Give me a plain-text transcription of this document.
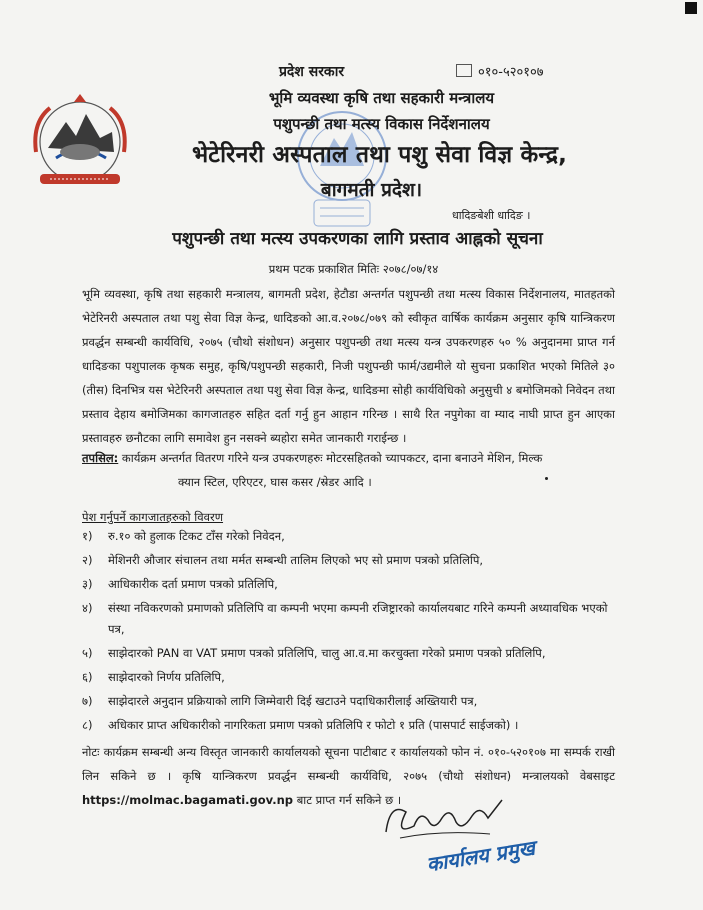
प्रदेश सरकार	०१०-५२०१०७
भूमि व्यवस्था कृषि तथा सहकारी मन्त्रालय
पशुपन्छी तथा मत्स्य विकास निर्देशनालय
भेटेरिनरी अस्पताल तथा पशु सेवा विज्ञ केन्द्र,
बागमती प्रदेश।
धादिङबेशी धादिङ ।
पशुपन्छी तथा मत्स्य उपकरणका लागि प्रस्ताव आह्नको सूचना
प्रथम पटक प्रकाशित मितिः २०७८/०७/१४

भूमि व्यवस्था, कृषि तथा सहकारी मन्त्रालय, बागमती प्रदेश, हेटौडा अन्तर्गत पशुपन्छी तथा मत्स्य विकास निर्देशनालय, मातहतको भेटेरिनरी अस्पताल तथा पशु सेवा विज्ञ केन्द्र, धादिङको आ.व.२०७८/०७९ को स्वीकृत वार्षिक कार्यक्रम अनुसार कृषि यान्त्रिकरण प्रवर्द्धन सम्बन्धी कार्यविधि, २०७५ (चौथो संशोधन) अनुसार पशुपन्छी तथा मत्स्य यन्त्र उपकरणहरु ५० % अनुदानमा प्राप्त गर्न धादिङका पशुपालक कृषक समुह, कृषि/पशुपन्छी सहकारी, निजी पशुपन्छी फार्म/उद्यमीले यो सुचना प्रकाशित भएको मितिले ३० (तीस) दिनभित्र यस भेटेरिनरी अस्पताल तथा पशु सेवा विज्ञ केन्द्र, धादिङमा सोही कार्यविधिको अनुसुची ४ बमोजिमको निवेदन तथा प्रस्ताव देहाय बमोजिमका कागजातहरु सहित दर्ता गर्नु हुन आहान गरिन्छ । साथै रित नपुगेका वा म्याद नाघी प्राप्त हुन आएका प्रस्तावहरु छनौटका लागि समावेश हुन नसक्ने ब्यहोरा समेत जानकारी गराईन्छ ।

तपसिल: कार्यक्रम अन्तर्गत वितरण गरिने यन्त्र उपकरणहरुः मोटरसहितको च्यापकटर, दाना बनाउने मेशिन, मिल्क
क्यान स्टिल, एरिएटर, घास कसर /स्रेडर आदि ।
पेश गर्नुपर्ने कागजातहरुको विवरण
१) रु.१० को हुलाक टिकट टाँस गरेको निवेदन,
२) मेशिनरी औजार संचालन तथा मर्मत सम्बन्धी तालिम लिएको भए सो प्रमाण पत्रको प्रतिलिपि,
३) आधिकारीक दर्ता प्रमाण पत्रको प्रतिलिपि,
४) संस्था नविकरणको प्रमाणको प्रतिलिपि वा कम्पनी भएमा कम्पनी रजिष्ट्रारको कार्यालयबाट गरिने कम्पनी अध्यावधिक भएको पत्र,
५) साझेदारको PAN वा VAT प्रमाण पत्रको प्रतिलिपि, चालु आ.व.मा करचुक्ता गरेको प्रमाण पत्रको प्रतिलिपि,
६) साझेदारको निर्णय प्रतिलिपि,
७) साझेदारले अनुदान प्रक्रियाको लागि जिम्मेवारी दिई खटाउने पदाधिकारीलाई अख्तियारी पत्र,
८) अधिकार प्राप्त अधिकारीको नागरिकता प्रमाण पत्रको प्रतिलिपि र फोटो १ प्रति (पासपार्ट साईजको) ।

नोटः कार्यक्रम सम्बन्धी अन्य विस्तृत जानकारी कार्यालयको सूचना पाटीबाट र कार्यालयको फोन नं. ०१०-५२०१०७ मा सम्पर्क राखी लिन सकिने छ । कृषि यान्त्रिकरण प्रवर्द्धन सम्बन्धी कार्यविधि, २०७५ (चौथो संशोधन) मन्त्रालयको वेबसाइट https://molmac.bagamati.gov.np बाट प्राप्त गर्न सकिने छ ।

कार्यालय प्रमुख
